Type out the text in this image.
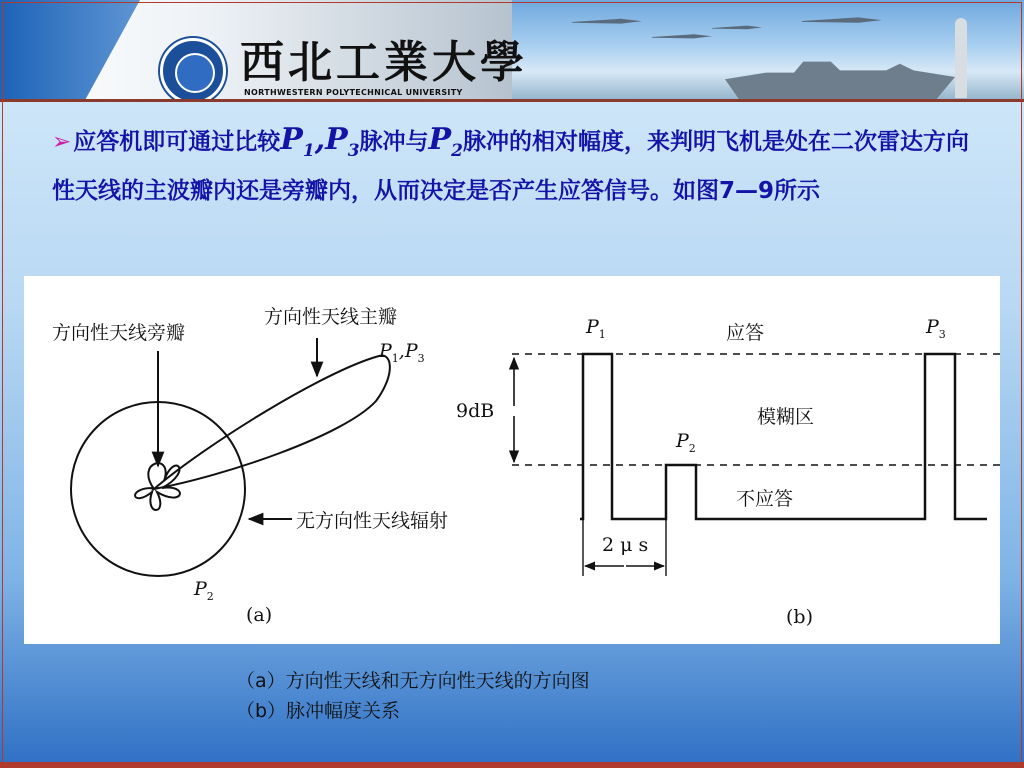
西北工業大學
NORTHWESTERN POLYTECHNICAL UNIVERSITY
➢应答机即可通过比较$P_1,P_3$脉冲与$P_2$脉冲的相对幅度，来判明飞机是处在二次雷达方向性天线的主波瓣内还是旁瓣内，从而决定是否产生应答信号。如图7—9所示
方向性天线旁瓣
方向性天线主瓣
$P_1,P_3$
无方向性天线辐射
$P_2$
(a)
$P_1$
$P_2$
$P_3$
应答
模糊区
不应答
9dB
2 μ s
(b)
（a）方向性天线和无方向性天线的方向图
（b）脉冲幅度关系
